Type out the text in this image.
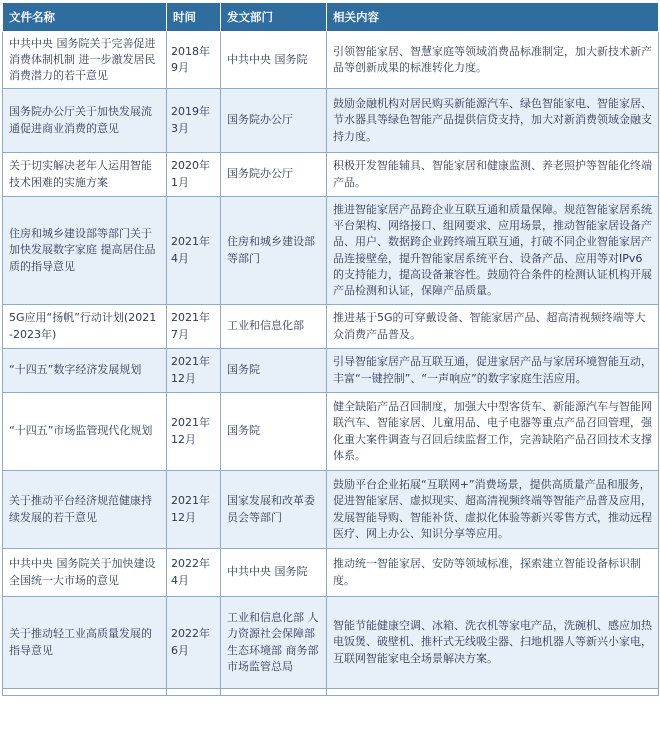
文件名称	时间	发文部门	相关内容
中共中央 国务院关于完善促进消费体制机制 进一步激发居民消费潜力的若干意见	2018年9月	中共中央 国务院	引领智能家居、智慧家庭等领域消费品标准制定，加大新技术新产品等创新成果的标准转化力度。
国务院办公厅关于加快发展流通促进商业消费的意见	2019年3月	国务院办公厅	鼓励金融机构对居民购买新能源汽车、绿色智能家电、智能家居、节水器具等绿色智能产品提供信贷支持，加大对新消费领域金融支持力度。
关于切实解决老年人运用智能技术困难的实施方案	2020年1月	国务院办公厅	积极开发智能辅具、智能家居和健康监测、养老照护等智能化终端产品。
住房和城乡建设部等部门关于加快发展数字家庭 提高居住品质的指导意见	2021年4月	住房和城乡建设部等部门	推进智能家居产品跨企业互联互通和质量保障。规范智能家居系统平台架构、网络接口、组网要求、应用场景，推动智能家居设备产品、用户、数据跨企业跨终端互联互通，打破不同企业智能家居产品连接壁垒，提升智能家居系统平台、设备产品、应用等对IPv6的支持能力，提高设备兼容性。鼓励符合条件的检测认证机构开展产品检测和认证，保障产品质量。
5G应用“扬帆”行动计划(2021-2023年)	2021年7月	工业和信息化部	推进基于5G的可穿戴设备、智能家居产品、超高清视频终端等大众消费产品普及。
“十四五”数字经济发展规划	2021年12月	国务院	引导智能家居产品互联互通，促进家居产品与家居环境智能互动，丰富“一键控制”、“一声响应”的数字家庭生活应用。
“十四五”市场监管现代化规划	2021年12月	国务院	健全缺陷产品召回制度，加强大中型客货车、新能源汽车与智能网联汽车、智能家居、儿童用品、电子电器等重点产品召回管理，强化重大案件调查与召回后续监督工作，完善缺陷产品召回技术支撑体系。
关于推动平台经济规范健康持续发展的若干意见	2021年12月	国家发展和改革委员会等部门	鼓励平台企业拓展“互联网+”消费场景，提供高质量产品和服务，促进智能家居、虚拟现实、超高清视频终端等智能产品普及应用，发展智能导购、智能补货、虚拟化体验等新兴零售方式，推动远程医疗、网上办公、知识分享等应用。
中共中央 国务院关于加快建设全国统一大市场的意见	2022年4月	中共中央 国务院	推动统一智能家居、安防等领域标准，探索建立智能设备标识制度。
关于推动轻工业高质量发展的指导意见	2022年6月	工业和信息化部 人力资源社会保障部 生态环境部 商务部 市场监管总局	智能节能健康空调、冰箱、洗衣机等家电产品，洗碗机、感应加热电饭煲、破壁机、推杆式无线吸尘器、扫地机器人等新兴小家电，互联网智能家电全场景解决方案。
